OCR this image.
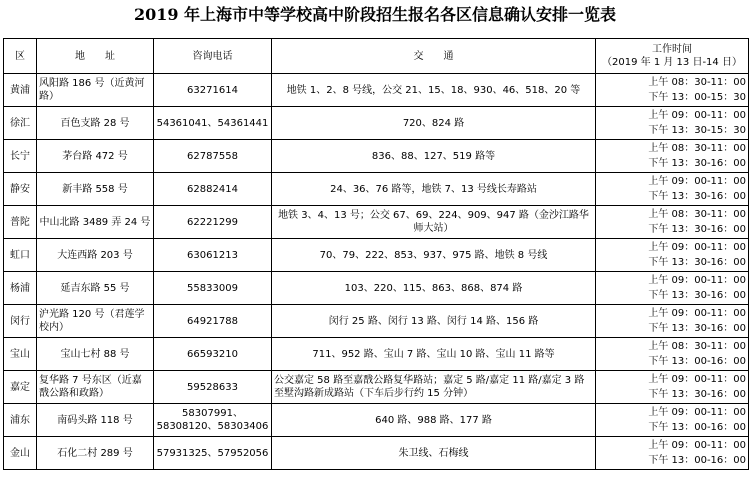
2019 年上海市中等学校高中阶段招生报名各区信息确认安排一览表
区	地　　址	咨询电话	交　　通	工作时间
（2019 年 1 月 13 日-14 日）

黄浦	风阳路 186 号（近黄河路）	63271614	地铁 1、2、8 号线，公交 21、15、18、930、46、518、20 等	上午 08：30-11：00
下午 13：00-15：30

徐汇	百色支路 28 号	54361041、54361441	720、824 路	上午 09：00-11：00
下午 13：30-15：30

长宁	茅台路 472 号	62787558	836、88、127、519 路等	上午 08：30-11：00
下午 13：30-16：00

静安	新丰路 558 号	62882414	24、36、76 路等，地铁 7、13 号线长寿路站	上午 09：00-11：00
下午 13：30-16：00

普陀	中山北路 3489 弄 24 号	62221299	地铁 3、4、13 号；公交 67、69、224、909、947 路（金沙江路华师大站）	上午 08：30-11：00
下午 13：30-16：00

虹口	大连西路 203 号	63061213	70、79、222、853、937、975 路、地铁 8 号线	上午 09：00-11：00
下午 13：30-16：00

杨浦	延吉东路 55 号	55833009	103、220、115、863、868、874 路	上午 09：00-11：00
下午 13：30-16：00

闵行	沪光路 120 号（君莲学校内）	64921788	闵行 25 路、闵行 13 路、闵行 14 路、156 路	上午 09：00-11：00
下午 13：30-16：00

宝山	宝山七村 88 号	66593210	711、952 路、宝山 7 路、宝山 10 路、宝山 11 路等	上午 08：30-11：00
下午 13：00-16：00

嘉定	复华路 7 号东区（近嘉戬公路和政路）	59528633	公交嘉定 58 路至嘉戬公路复华路站；嘉定 5 路/嘉定 11 路/嘉定 3 路至墅沟路新成路站（下车后步行约 15 分钟）	上午 09：00-11：00
下午 13：30-16：00

浦东	南码头路 118 号	58307991、58308120、58303406	640 路、988 路、177 路	上午 09：00-11：00
下午 13：00-16：00

金山	石化二村 289 号	57931325、57952056	朱卫线、石梅线	上午 09：00-11：00
下午 13：00-16：00
